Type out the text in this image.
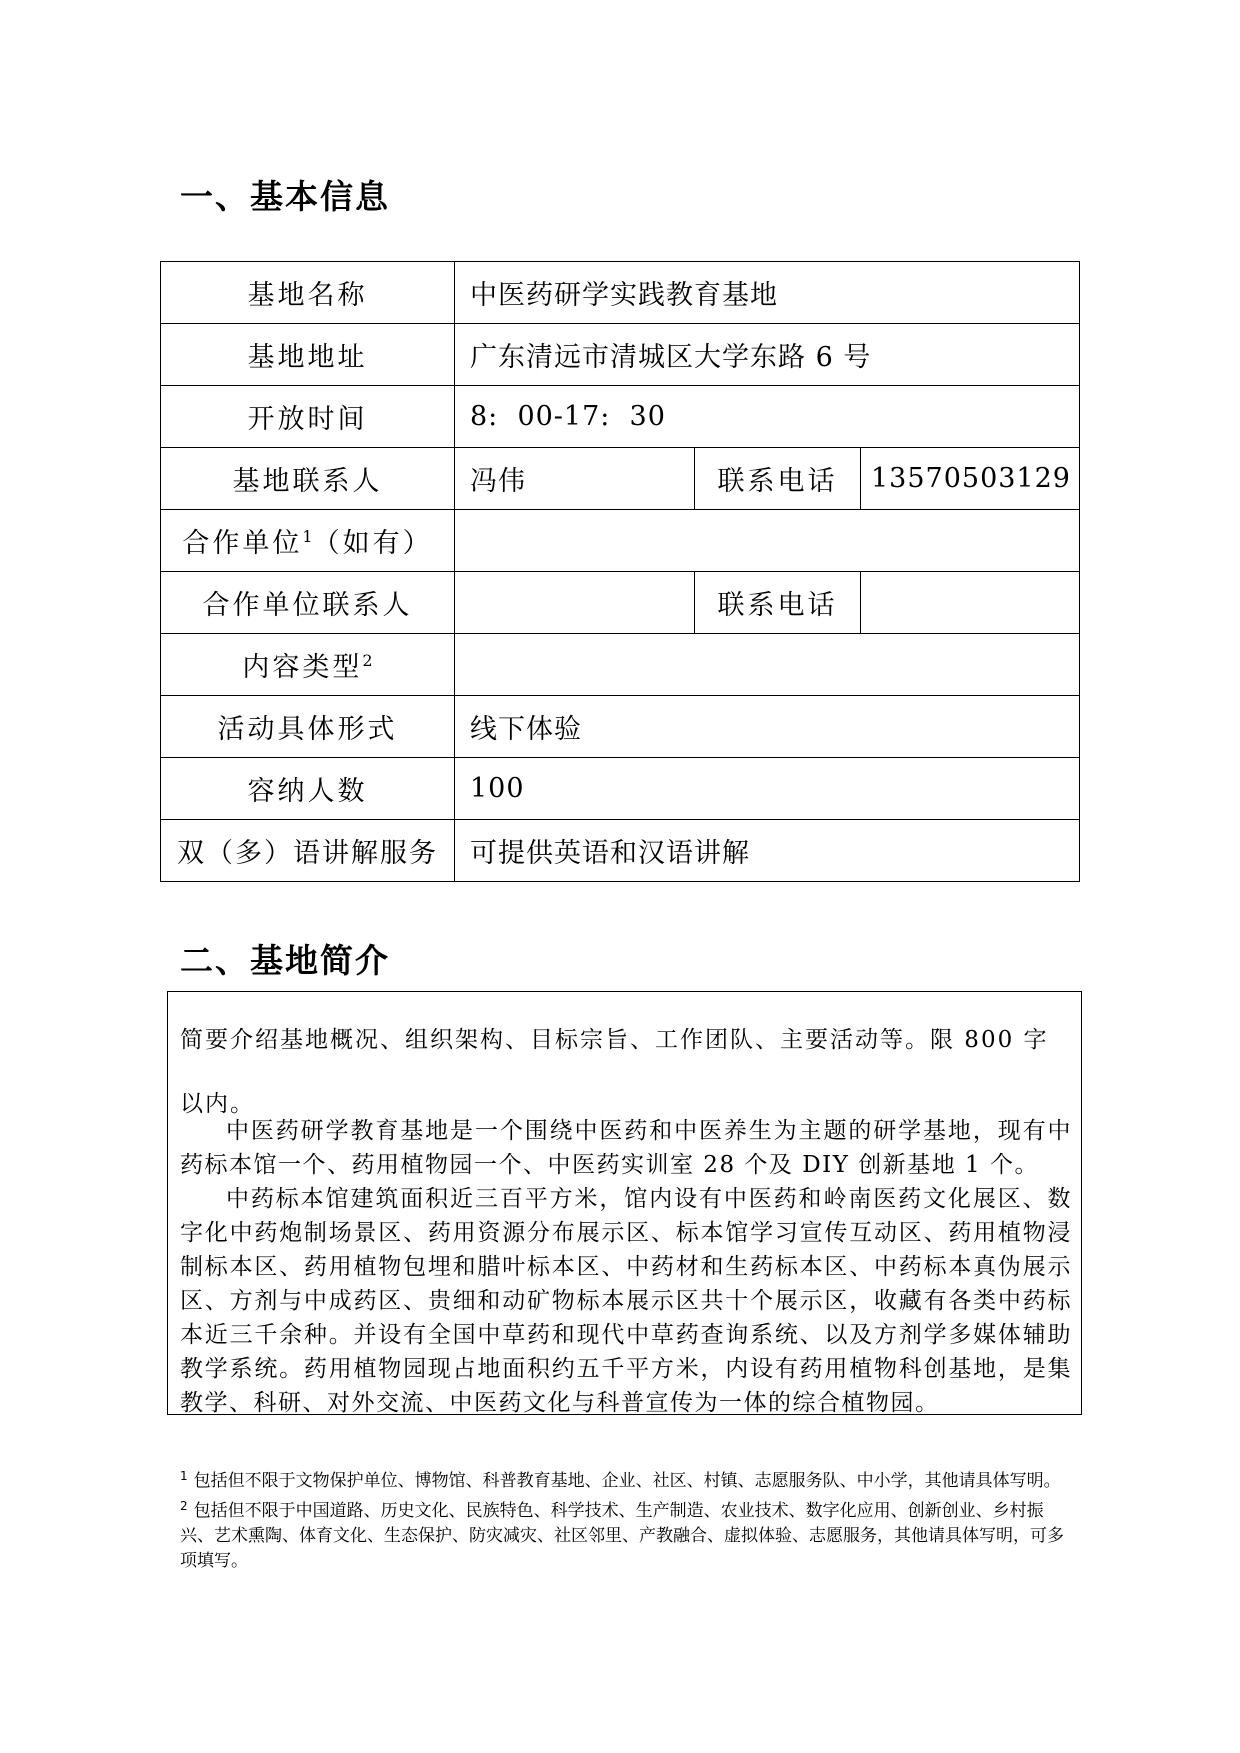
一、基本信息
基地名称	中医药研学实践教育基地		
基地地址	广东清远市清城区大学东路 6 号		
开放时间	8:  00-17:  30		
基地联系人	冯伟	联系电话	13570503129
合作单位$^1$（如有）			
合作单位联系人		联系电话	
内容类型$^2$	
活动具体形式	线下体验		
容纳人数	100		
双（多）语讲解服务	可提供英语和汉语讲解		
二、基地简介
简要介绍基地概况、组织架构、目标宗旨、工作团队、主要活动等。限 800 字以内。

中医药研学教育基地是一个围绕中医药和中医养生为主题的研学基地，现有中药标本馆一个、药用植物园一个、中医药实训室 28 个及 DIY 创新基地 1 个。

中药标本馆建筑面积近三百平方米，馆内设有中医药和岭南医药文化展区、数字化中药炮制场景区、药用资源分布展示区、标本馆学习宣传互动区、药用植物浸制标本区、药用植物包埋和腊叶标本区、中药材和生药标本区、中药标本真伪展示区、方剂与中成药区、贵细和动矿物标本展示区共十个展示区，收藏有各类中药标本近三千余种。并设有全国中草药和现代中草药查询系统、以及方剂学多媒体辅助教学系统。药用植物园现占地面积约五千平方米，内设有药用植物科创基地，是集教学、科研、对外交流、中医药文化与科普宣传为一体的综合植物园。

$^1$ 包括但不限于文物保护单位、博物馆、科普教育基地、企业、社区、村镇、志愿服务队、中小学，其他请具体写明。

$^2$ 包括但不限于中国道路、历史文化、民族特色、科学技术、生产制造、农业技术、数字化应用、创新创业、乡村振兴、艺术熏陶、体育文化、生态保护、防灾减灾、社区邻里、产教融合、虚拟体验、志愿服务，其他请具体写明，可多项填写。
